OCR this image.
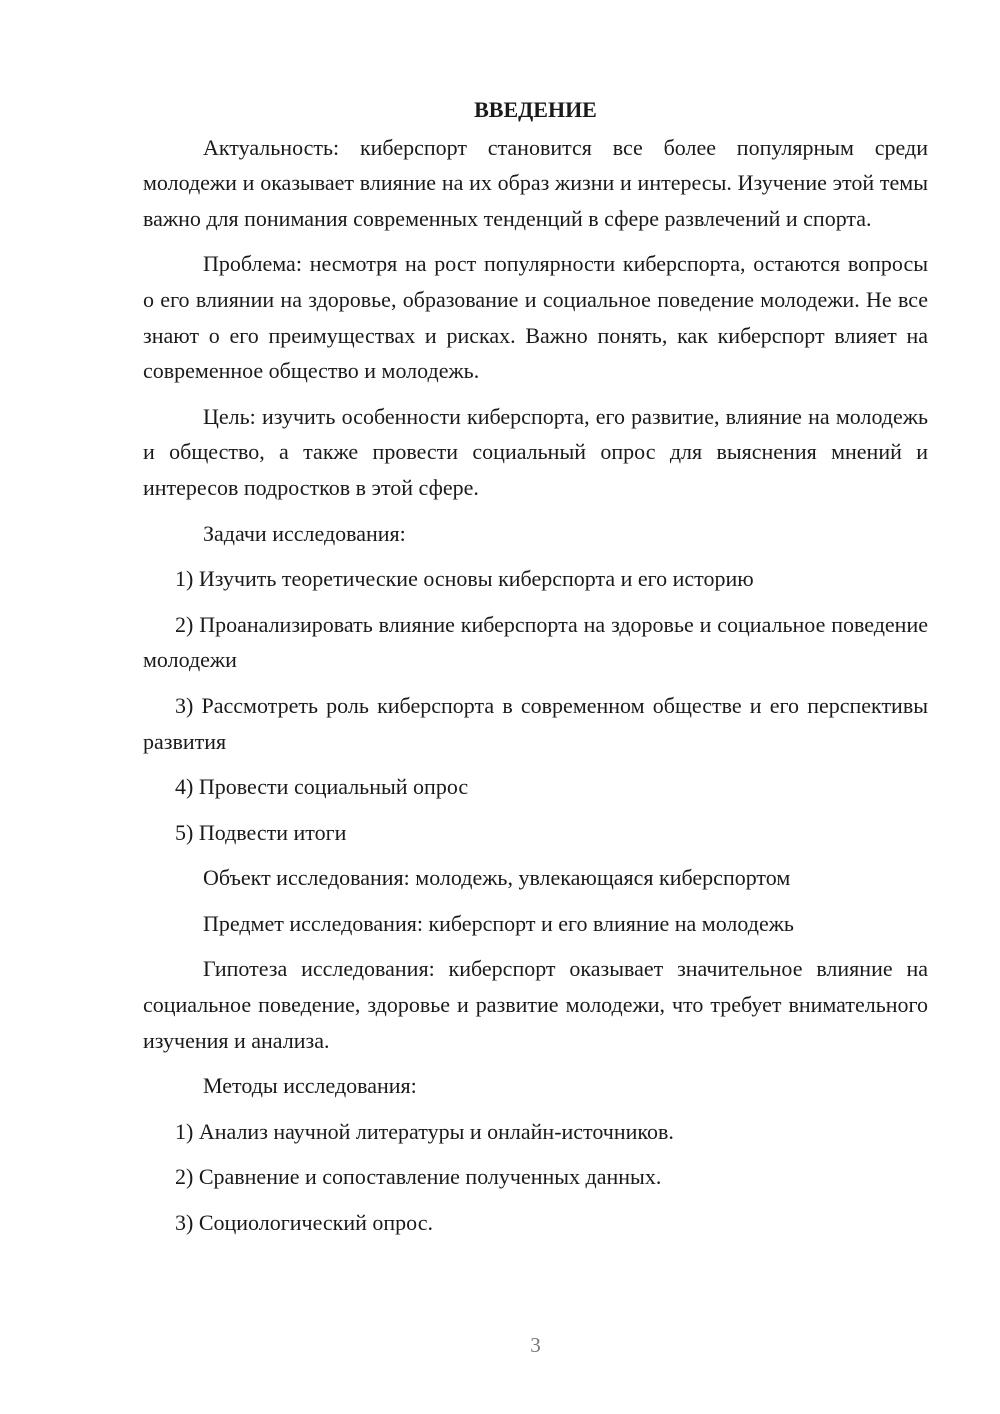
ВВЕДЕНИЕ

Актуальность: киберспорт становится все более популярным среди молодежи и оказывает влияние на их образ жизни и интересы. Изучение этой темы важно для понимания современных тенденций в сфере развлечений и спорта.

Проблема: несмотря на рост популярности киберспорта, остаются вопросы о его влиянии на здоровье, образование и социальное поведение молодежи. Не все знают о его преимуществах и рисках. Важно понять, как киберспорт влияет на современное общество и молодежь.

Цель: изучить особенности киберспорта, его развитие, влияние на молодежь и общество, а также провести социальный опрос для выяснения мнений и интересов подростков в этой сфере.

Задачи исследования:

1) Изучить теоретические основы киберспорта и его историю

2) Проанализировать влияние киберспорта на здоровье и социальное поведение молодежи

3) Рассмотреть роль киберспорта в современном обществе и его перспективы развития

4) Провести социальный опрос

5) Подвести итоги

Объект исследования: молодежь, увлекающаяся киберспортом

Предмет исследования: киберспорт и его влияние на молодежь

Гипотеза исследования: киберспорт оказывает значительное влияние на социальное поведение, здоровье и развитие молодежи, что требует внимательного изучения и анализа.

Методы исследования:

1) Анализ научной литературы и онлайн-источников.

2) Сравнение и сопоставление полученных данных.

3) Социологический опрос.

3
